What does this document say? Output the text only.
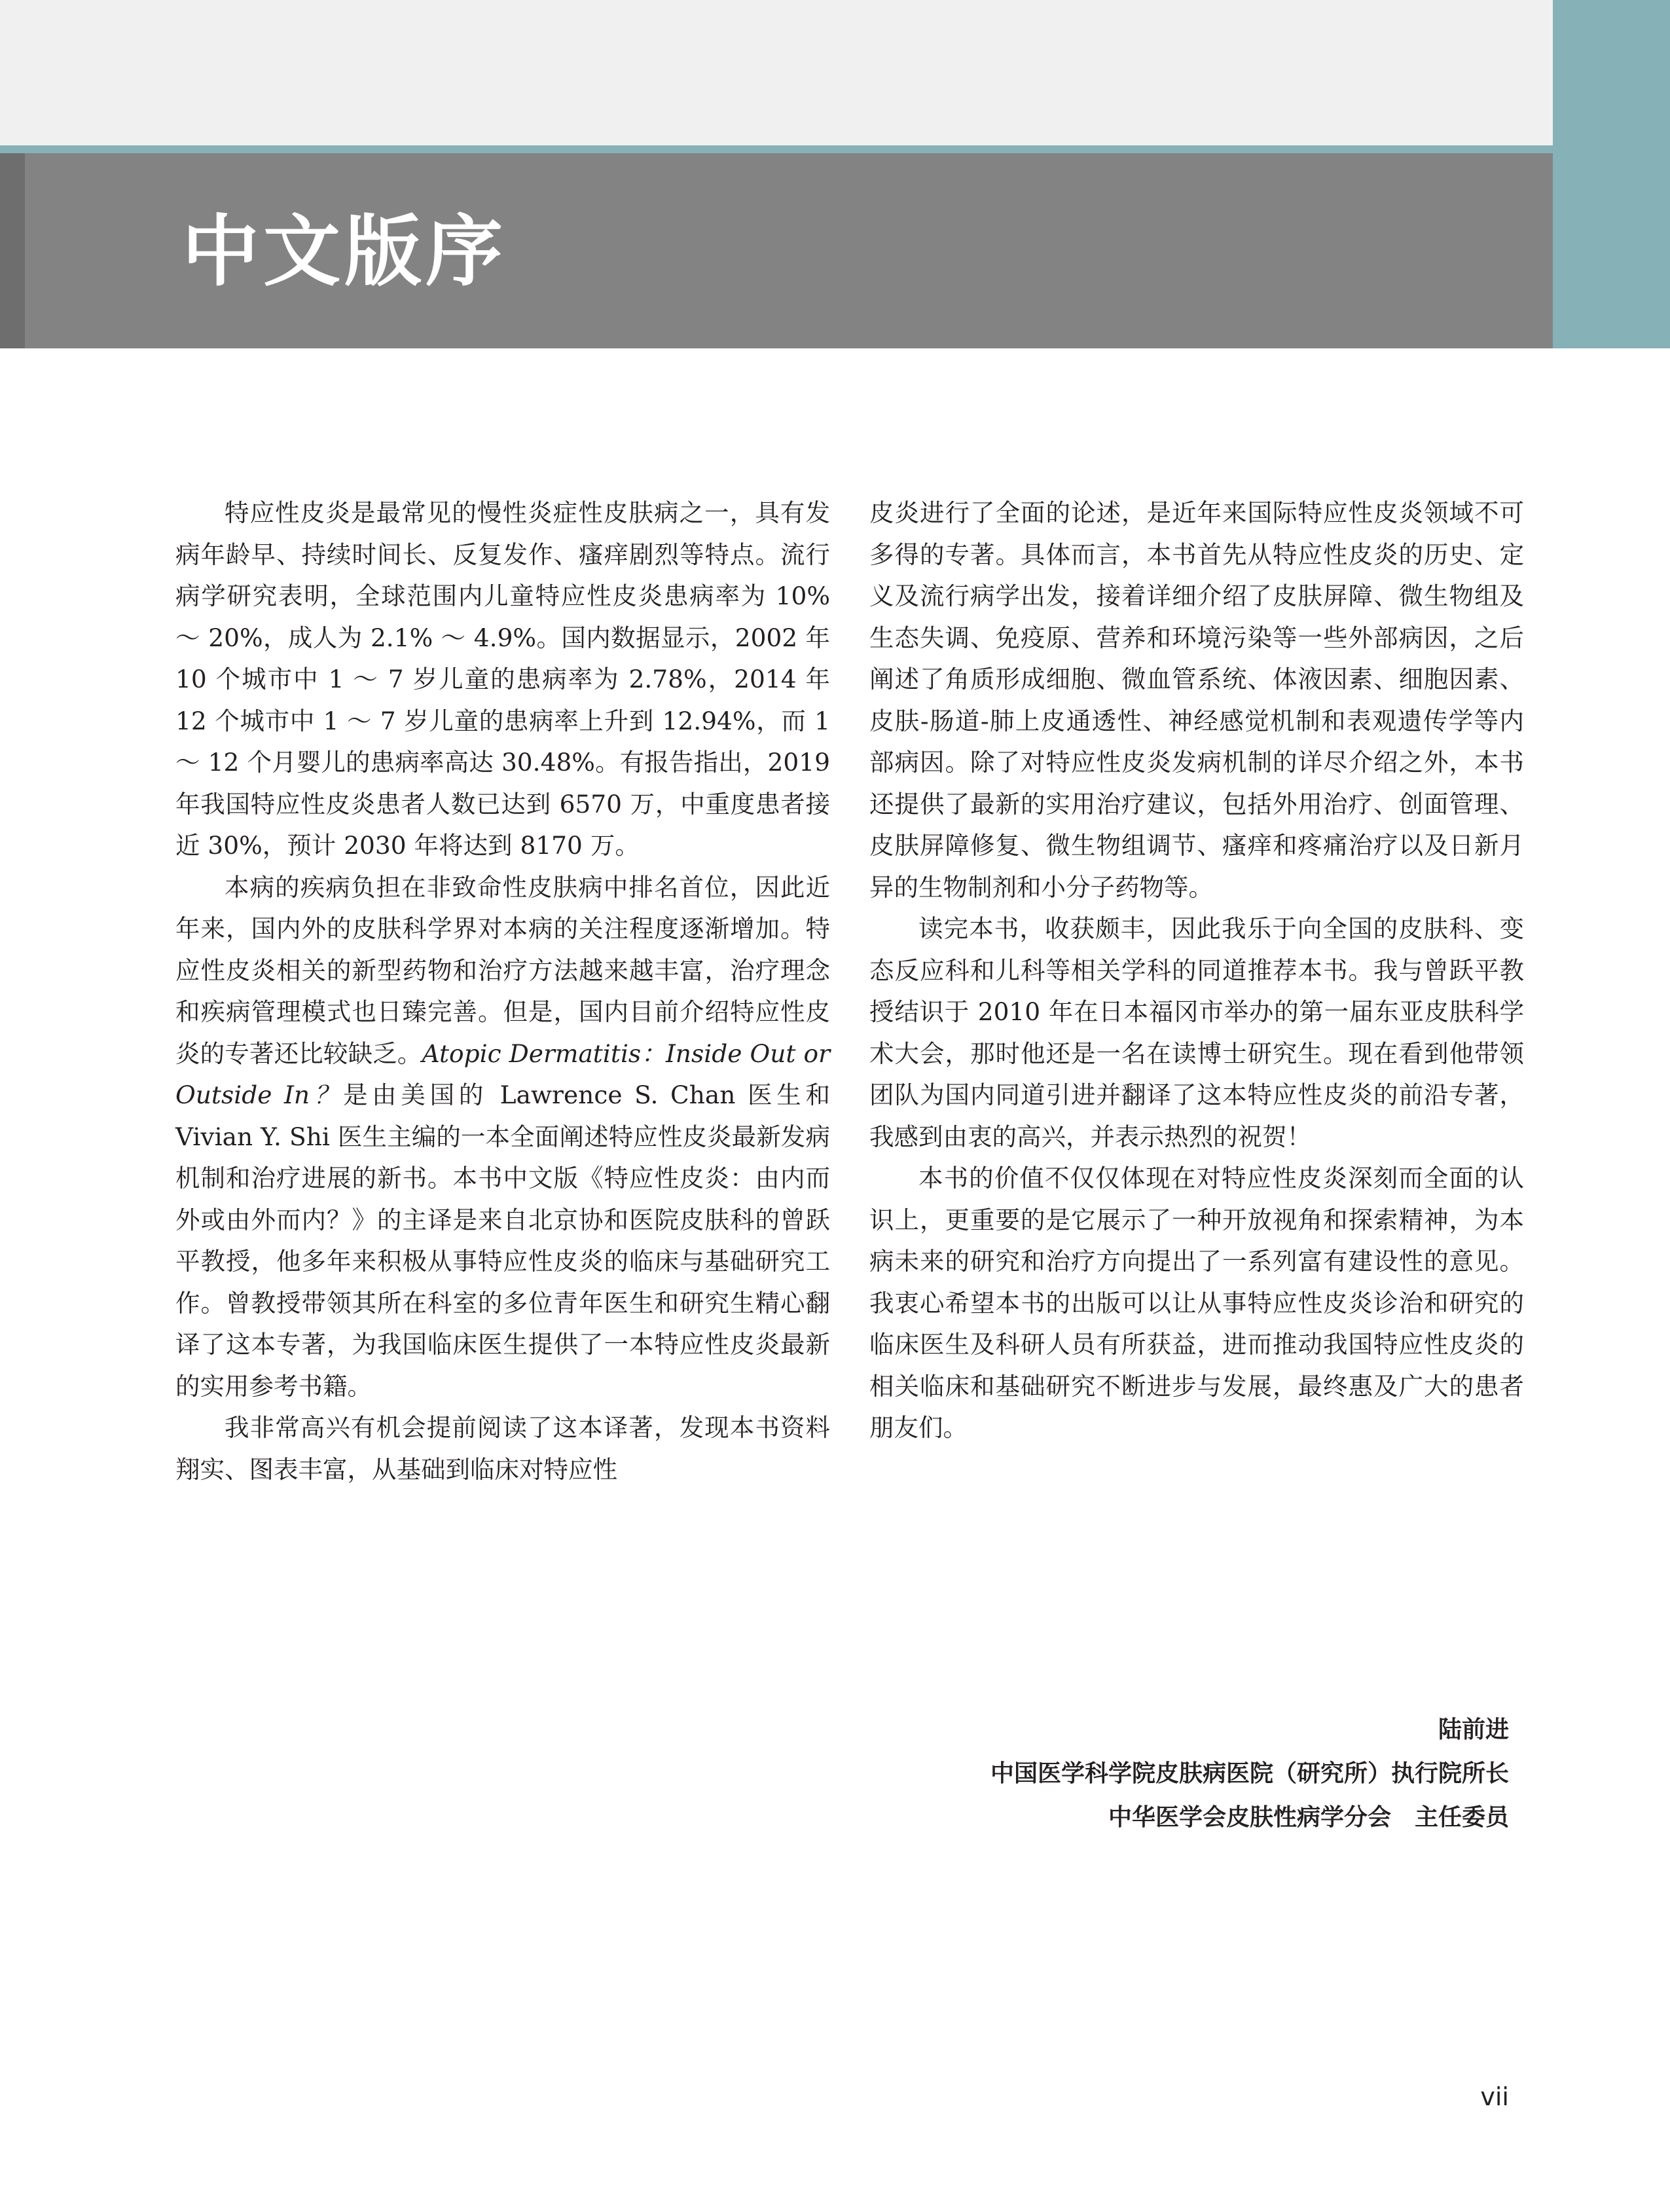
中文版序

特应性皮炎是最常见的慢性炎症性皮肤病之一，具有发病年龄早、持续时间长、反复发作、瘙痒剧烈等特点。流行病学研究表明，全球范围内儿童特应性皮炎患病率为 10% ～ 20%，成人为 2.1% ～ 4.9%。国内数据显示，2002 年 10 个城市中 1 ～ 7 岁儿童的患病率为 2.78%，2014 年 12 个城市中 1 ～ 7 岁儿童的患病率上升到 12.94%，而 1 ～ 12 个月婴儿的患病率高达 30.48%。有报告指出，2019 年我国特应性皮炎患者人数已达到 6570 万，中重度患者接近 30%，预计 2030 年将达到 8170 万。

本病的疾病负担在非致命性皮肤病中排名首位，因此近年来，国内外的皮肤科学界对本病的关注程度逐渐增加。特应性皮炎相关的新型药物和治疗方法越来越丰富，治疗理念和疾病管理模式也日臻完善。但是，国内目前介绍特应性皮炎的专著还比较缺乏。Atopic Dermatitis：Inside Out or Outside In？是由美国的 Lawrence S. Chan 医生和 Vivian Y. Shi 医生主编的一本全面阐述特应性皮炎最新发病机制和治疗进展的新书。本书中文版《特应性皮炎：由内而外或由外而内？》的主译是来自北京协和医院皮肤科的曾跃平教授，他多年来积极从事特应性皮炎的临床与基础研究工作。曾教授带领其所在科室的多位青年医生和研究生精心翻译了这本专著，为我国临床医生提供了一本特应性皮炎最新的实用参考书籍。

我非常高兴有机会提前阅读了这本译著，发现本书资料翔实、图表丰富，从基础到临床对特应性

皮炎进行了全面的论述，是近年来国际特应性皮炎领域不可多得的专著。具体而言，本书首先从特应性皮炎的历史、定义及流行病学出发，接着详细介绍了皮肤屏障、微生物组及生态失调、免疫原、营养和环境污染等一些外部病因，之后阐述了角质形成细胞、微血管系统、体液因素、细胞因素、皮肤-肠道-肺上皮通透性、神经感觉机制和表观遗传学等内部病因。除了对特应性皮炎发病机制的详尽介绍之外，本书还提供了最新的实用治疗建议，包括外用治疗、创面管理、皮肤屏障修复、微生物组调节、瘙痒和疼痛治疗以及日新月异的生物制剂和小分子药物等。

读完本书，收获颇丰，因此我乐于向全国的皮肤科、变态反应科和儿科等相关学科的同道推荐本书。我与曾跃平教授结识于 2010 年在日本福冈市举办的第一届东亚皮肤科学术大会，那时他还是一名在读博士研究生。现在看到他带领团队为国内同道引进并翻译了这本特应性皮炎的前沿专著，我感到由衷的高兴，并表示热烈的祝贺！

本书的价值不仅仅体现在对特应性皮炎深刻而全面的认识上，更重要的是它展示了一种开放视角和探索精神，为本病未来的研究和治疗方向提出了一系列富有建设性的意见。我衷心希望本书的出版可以让从事特应性皮炎诊治和研究的临床医生及科研人员有所获益，进而推动我国特应性皮炎的相关临床和基础研究不断进步与发展，最终惠及广大的患者朋友们。

陆前进
中国医学科学院皮肤病医院（研究所）执行院所长
中华医学会皮肤性病学分会　主任委员
vii
